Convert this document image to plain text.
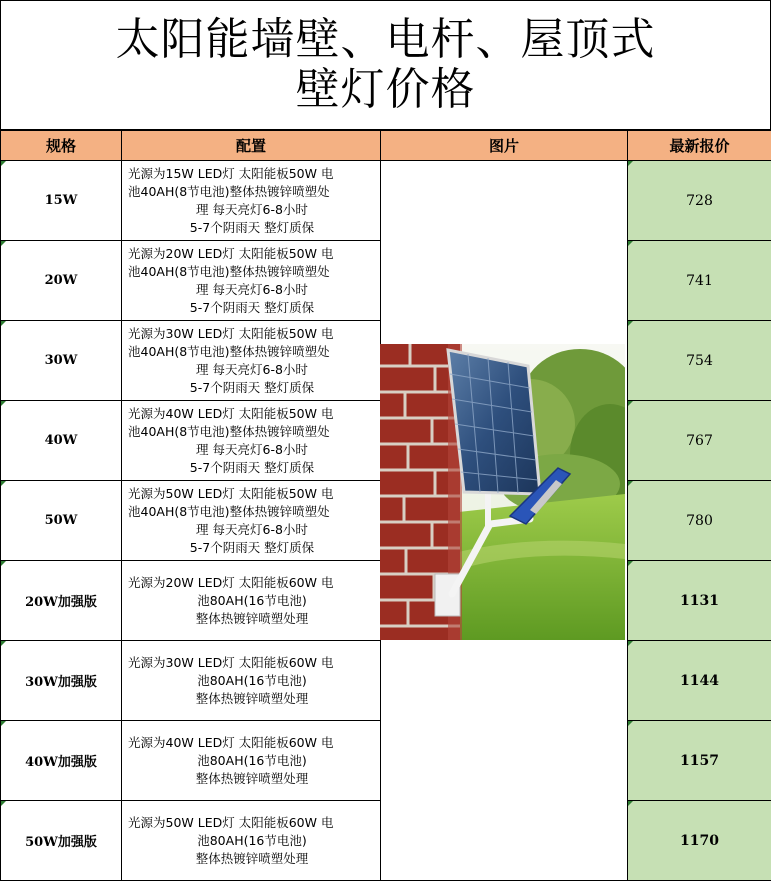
太阳能墙壁、电杆、屋顶式
壁灯价格
规格	配置	图片	最新报价
15W	光源为15W LED灯 太阳能板50W 电
池40AH(8节电池)整体热镀锌喷塑处
理 每天亮灯6-8小时
5-7个阴雨天 整灯质保		728
20W	光源为20W LED灯 太阳能板50W 电
池40AH(8节电池)整体热镀锌喷塑处
理 每天亮灯6-8小时
5-7个阴雨天 整灯质保		741
30W	光源为30W LED灯 太阳能板50W 电
池40AH(8节电池)整体热镀锌喷塑处
理 每天亮灯6-8小时
5-7个阴雨天 整灯质保		754
40W	光源为40W LED灯 太阳能板50W 电
池40AH(8节电池)整体热镀锌喷塑处
理 每天亮灯6-8小时
5-7个阴雨天 整灯质保		767
50W	光源为50W LED灯 太阳能板50W 电
池40AH(8节电池)整体热镀锌喷塑处
理 每天亮灯6-8小时
5-7个阴雨天 整灯质保		780
20W加强版	光源为20W LED灯 太阳能板60W 电
池80AH(16节电池)
整体热镀锌喷塑处理		1131
30W加强版	光源为30W LED灯 太阳能板60W 电
池80AH(16节电池)
整体热镀锌喷塑处理		1144
40W加强版	光源为40W LED灯 太阳能板60W 电
池80AH(16节电池)
整体热镀锌喷塑处理		1157
50W加强版	光源为50W LED灯 太阳能板60W 电
池80AH(16节电池)
整体热镀锌喷塑处理		1170
